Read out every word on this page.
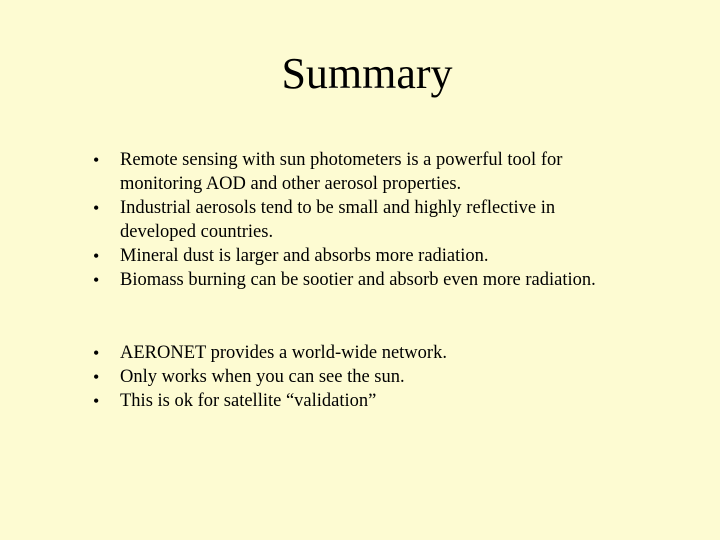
Summary
• Remote sensing with sun photometers is a powerful tool for monitoring AOD and other aerosol properties.
• Industrial aerosols tend to be small and highly reflective in developed countries.
• Mineral dust is larger and absorbs more radiation.
• Biomass burning can be sootier and absorb even more radiation.
• AERONET provides a world-wide network.
• Only works when you can see the sun.
• This is ok for satellite “validation”
